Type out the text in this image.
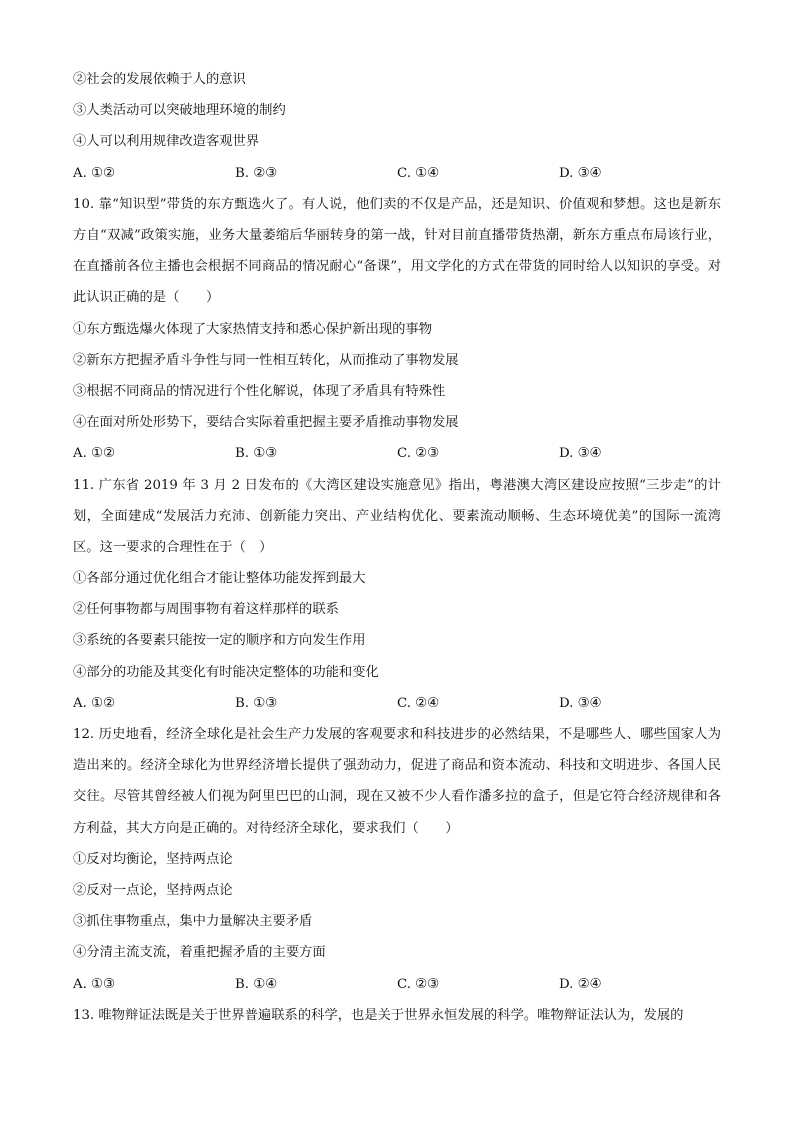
②社会的发展依赖于人的意识
③人类活动可以突破地理环境的制约
④人可以利用规律改造客观世界
A. ①②	B. ②③	C. ①④	D. ③④
10. 靠“知识型”带货的东方甄选火了。有人说，他们卖的不仅是产品，还是知识、价值观和梦想。这也是新东方自“双减”政策实施，业务大量萎缩后华丽转身的第一战，针对目前直播带货热潮，新东方重点布局该行业，在直播前各位主播也会根据不同商品的情况耐心“备课”，用文学化的方式在带货的同时给人以知识的享受。对此认识正确的是（　　）
①东方甄选爆火体现了大家热情支持和悉心保护新出现的事物
②新东方把握矛盾斗争性与同一性相互转化，从而推动了事物发展
③根据不同商品的情况进行个性化解说，体现了矛盾具有特殊性
④在面对所处形势下，要结合实际着重把握主要矛盾推动事物发展
A. ①②	B. ①③	C. ②③	D. ③④
11. 广东省 2019 年 3 月 2 日发布的《大湾区建设实施意见》指出，粤港澳大湾区建设应按照“三步走”的计划，全面建成“发展活力充沛、创新能力突出、产业结构优化、要素流动顺畅、生态环境优美”的国际一流湾区。这一要求的合理性在于（　）
①各部分通过优化组合才能让整体功能发挥到最大
②任何事物都与周围事物有着这样那样的联系
③系统的各要素只能按一定的顺序和方向发生作用
④部分的功能及其变化有时能决定整体的功能和变化
A. ①②	B. ①③	C. ②④	D. ③④
12. 历史地看，经济全球化是社会生产力发展的客观要求和科技进步的必然结果，不是哪些人、哪些国家人为造出来的。经济全球化为世界经济增长提供了强劲动力，促进了商品和资本流动、科技和文明进步、各国人民交往。尽管其曾经被人们视为阿里巴巴的山洞，现在又被不少人看作潘多拉的盒子，但是它符合经济规律和各方利益，其大方向是正确的。对待经济全球化，要求我们（　　）
①反对均衡论，坚持两点论
②反对一点论，坚持两点论
③抓住事物重点，集中力量解决主要矛盾
④分清主流支流，着重把握矛盾的主要方面
A. ①③	B. ①④	C. ②③	D. ②④
13. 唯物辩证法既是关于世界普遍联系的科学，也是关于世界永恒发展的科学。唯物辩证法认为，发展的
